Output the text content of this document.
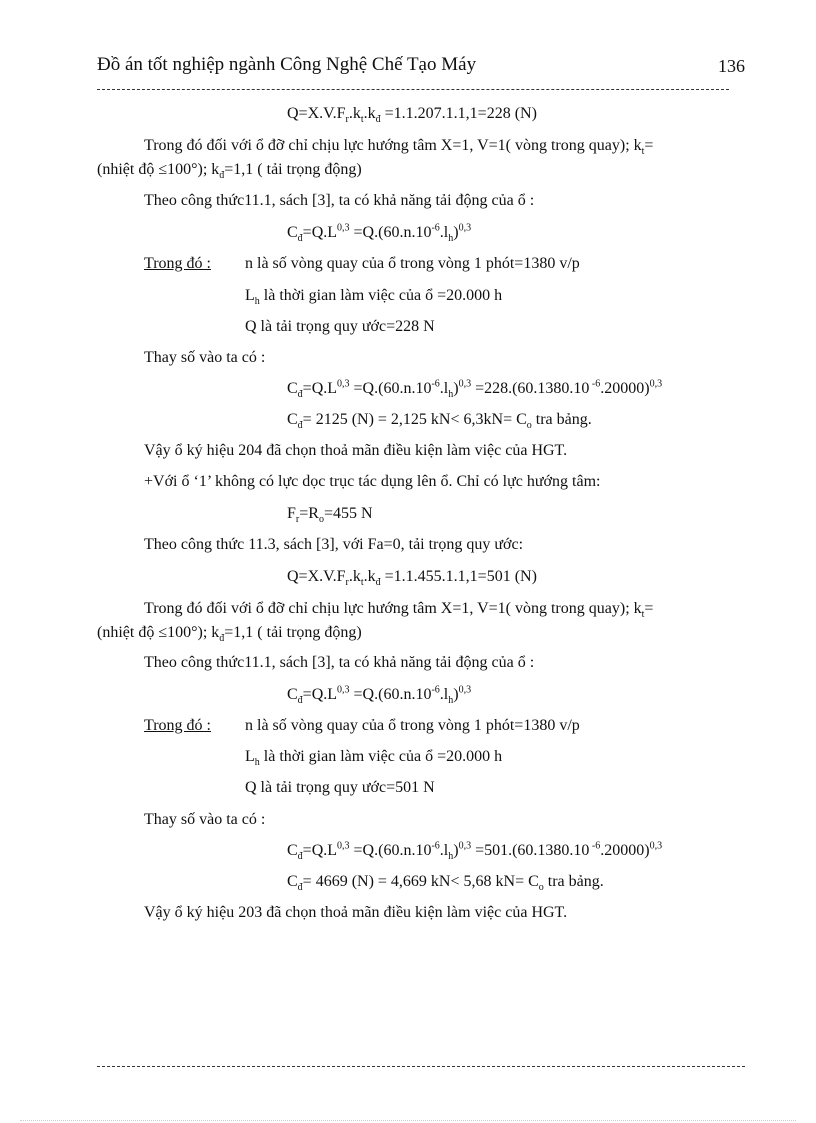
Đồ án tốt nghiệp ngành Công Nghệ Chế Tạo Máy	136
$Q=X.V.F_r.k_t.k_đ =1.1.207.1.1,1=228$ (N)
Trong đó đối với ổ đỡ chỉ chịu lực hướng tâm X=1, V=1( vòng trong quay); $k_t=$
(nhiệt độ ≤100°); $k_đ=1,1$ ( tải trọng động)
Theo công thức11.1, sách [3], ta có khả năng tải động của ổ :
$C_đ=Q.L^{0,3} =Q.(60.n.10^{-6}.l_h)^{0,3}$
Trong đó : n là số vòng quay của ổ trong vòng 1 phót=1380 v/p
$L_h$ là thời gian làm việc của ổ =20.000 h
Q là tải trọng quy ước=228 N
Thay số vào ta có :
$C_đ=Q.L^{0,3} =Q.(60.n.10^{-6}.l_h)^{0,3} =228.(60.1380.10$ $^{-6}$.20000)$^{0,3}$
$C_đ= 2125$ (N) = 2,125 $kN< 6,3kN= C_o$ tra bảng.
Vậy ổ ký hiệu 204 đã chọn thoả mãn điều kiện làm việc của HGT.
+Với ổ ‘1’ không có lực dọc trục tác dụng lên ổ. Chỉ có lực hướng tâm:
$F_r=R_o=455$ N
Theo công thức 11.3, sách [3], với Fa=0, tải trọng quy ước:
$Q=X.V.F_r.k_t.k_đ =1.1.455.1.1,1=501$ (N)
Trong đó đối với ổ đỡ chỉ chịu lực hướng tâm X=1, V=1( vòng trong quay); $k_t=$
(nhiệt độ ≤100°); $k_đ=1,1$ ( tải trọng động)
Theo công thức11.1, sách [3], ta có khả năng tải động của ổ :
$C_đ=Q.L^{0,3} =Q.(60.n.10^{-6}.l_h)^{0,3}$
Trong đó : n là số vòng quay của ổ trong vòng 1 phót=1380 v/p
$L_h$ là thời gian làm việc của ổ =20.000 h
Q là tải trọng quy ước=501 N
Thay số vào ta có :
$C_đ=Q.L^{0,3} =Q.(60.n.10^{-6}.l_h)^{0,3} =501.(60.1380.10$ $^{-6}$.20000)$^{0,3}$
$C_đ= 4669$ (N) = 4,669 kN< 5,68 $kN= C_o$ tra bảng.
Vậy ổ ký hiệu 203 đã chọn thoả mãn điều kiện làm việc của HGT.
